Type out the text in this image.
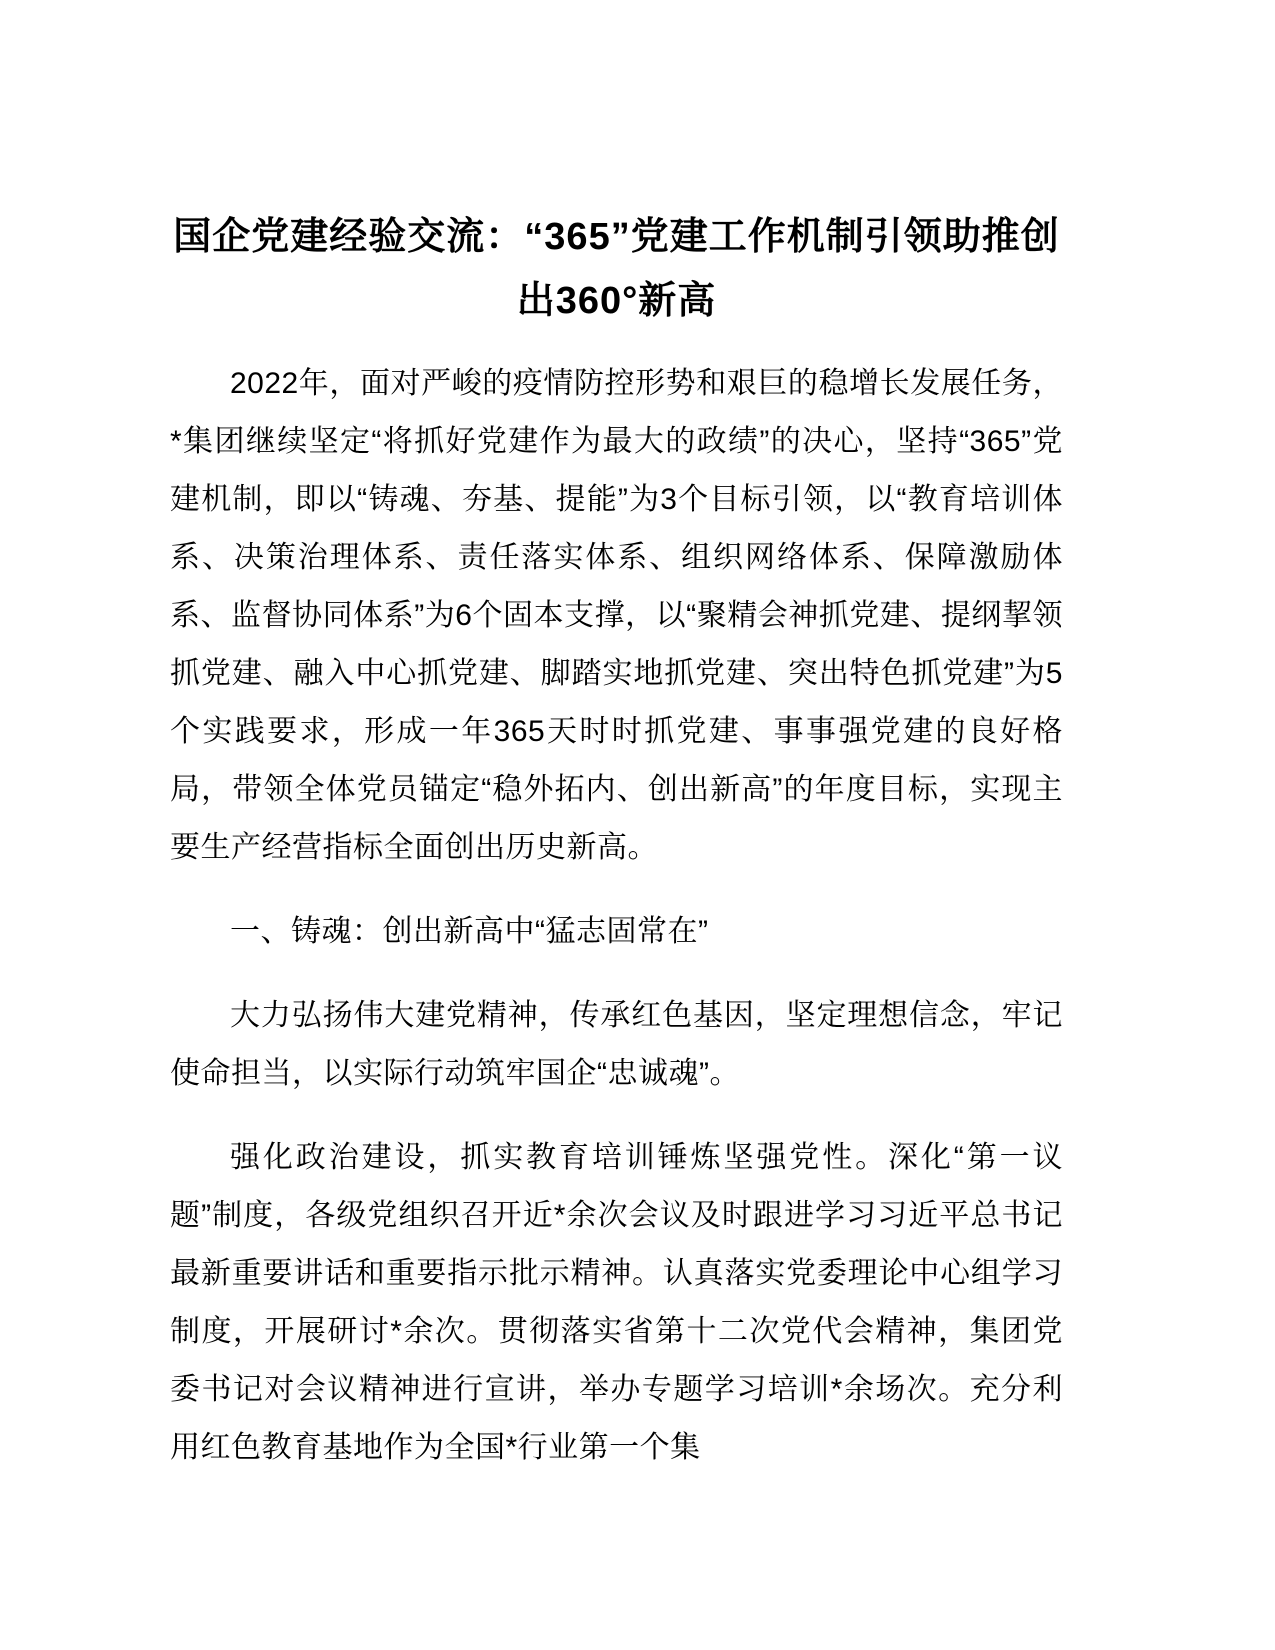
国企党建经验交流：“365”党建工作机制引领助推创出360°新高

2022年，面对严峻的疫情防控形势和艰巨的稳增长发展任务，*集团继续坚定“将抓好党建作为最大的政绩”的决心，坚持“365”党建机制，即以“铸魂、夯基、提能”为3个目标引领，以“教育培训体系、决策治理体系、责任落实体系、组织网络体系、保障激励体系、监督协同体系”为6个固本支撑，以“聚精会神抓党建、提纲挈领抓党建、融入中心抓党建、脚踏实地抓党建、突出特色抓党建”为5个实践要求，形成一年365天时时抓党建、事事强党建的良好格局，带领全体党员锚定“稳外拓内、创出新高”的年度目标，实现主要生产经营指标全面创出历史新高。

一、铸魂：创出新高中“猛志固常在”

大力弘扬伟大建党精神，传承红色基因，坚定理想信念，牢记使命担当，以实际行动筑牢国企“忠诚魂”。

强化政治建设，抓实教育培训锤炼坚强党性。深化“第一议题”制度，各级党组织召开近*余次会议及时跟进学习习近平总书记最新重要讲话和重要指示批示精神。认真落实党委理论中心组学习制度，开展研讨*余次。贯彻落实省第十二次党代会精神，集团党委书记对会议精神进行宣讲，举办专题学习培训*余场次。充分利用红色教育基地作为全国*行业第一个集
